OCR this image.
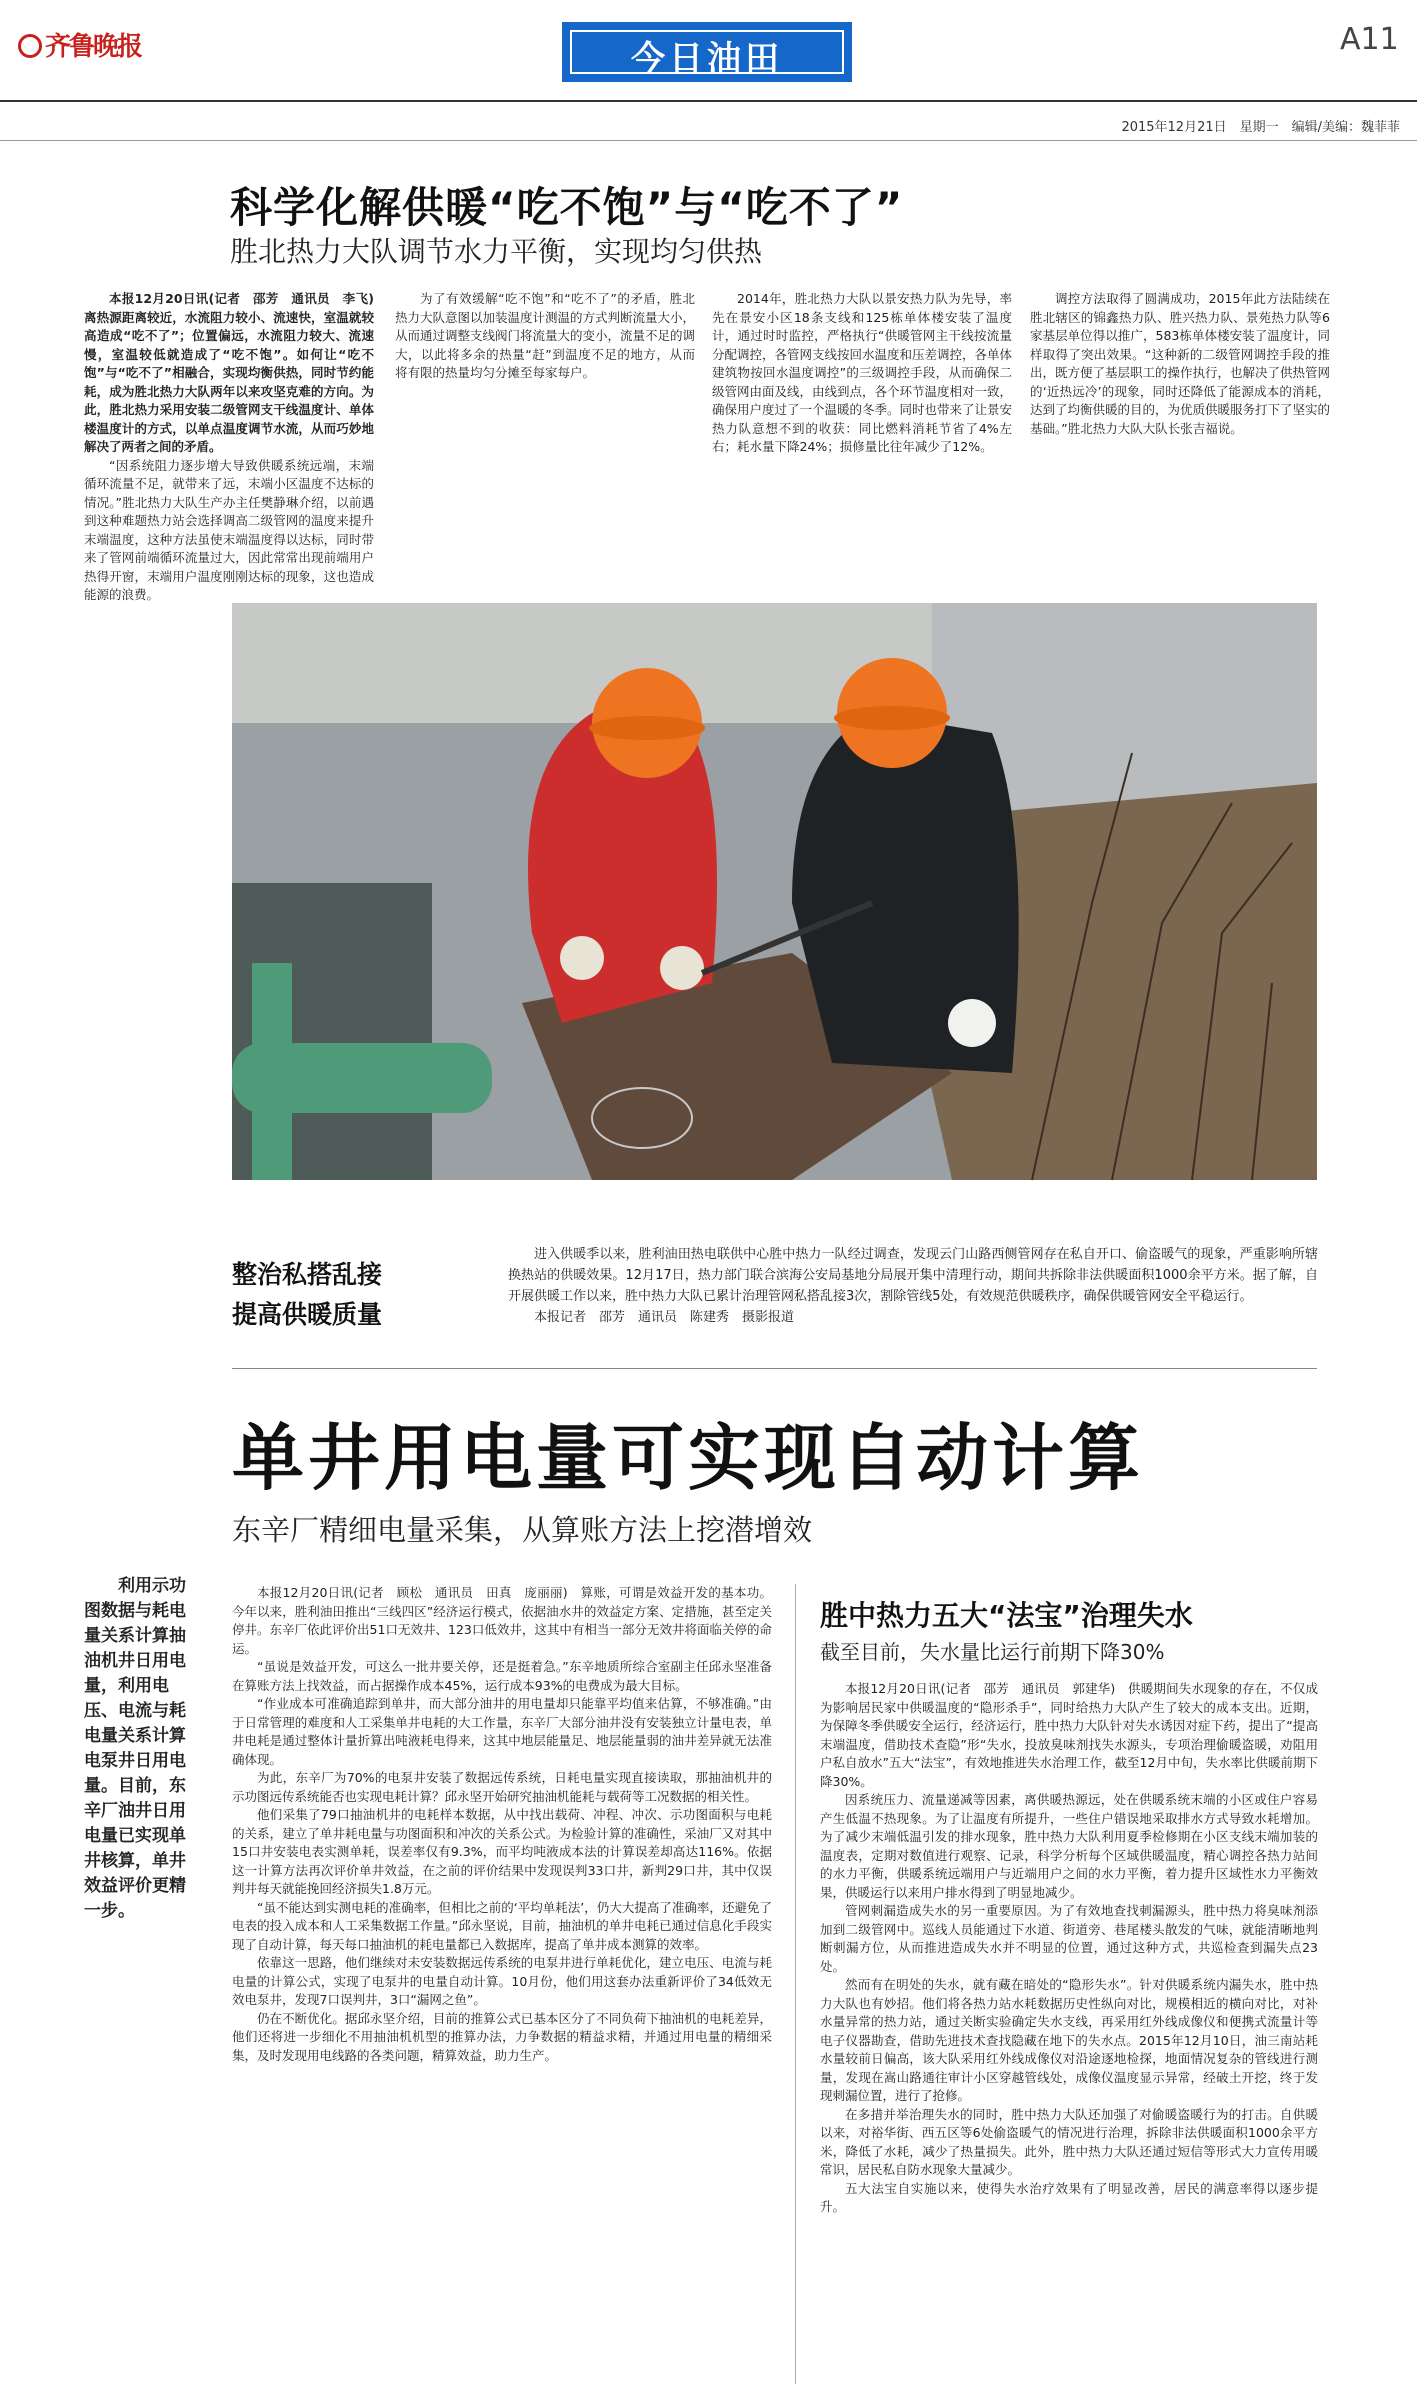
齐鲁晚报	今日油田	A11
2015年12月21日　星期一　编辑/美编：魏菲菲
科学化解供暖“吃不饱”与“吃不了”
胜北热力大队调节水力平衡，实现均匀供热

本报12月20日讯(记者　邵芳　通讯员　李飞)　离热源距离较近，水流阻力较小、流速快，室温就较高造成“吃不了”；位置偏远，水流阻力较大、流速慢，室温较低就造成了“吃不饱”。如何让“吃不饱”与“吃不了”相融合，实现均衡供热，同时节约能耗，成为胜北热力大队两年以来攻坚克难的方向。为此，胜北热力采用安装二级管网支干线温度计、单体楼温度计的方式，以单点温度调节水流，从而巧妙地解决了两者之间的矛盾。

“因系统阻力逐步增大导致供暖系统远端，末端循环流量不足，就带来了远，末端小区温度不达标的情况。”胜北热力大队生产办主任樊静琳介绍，以前遇到这种难题热力站会选择调高二级管网的温度来提升末端温度，这种方法虽使末端温度得以达标，同时带来了管网前端循环流量过大，因此常常出现前端用户热得开窗，末端用户温度刚刚达标的现象，这也造成能源的浪费。

为了有效缓解“吃不饱”和“吃不了”的矛盾，胜北热力大队意图以加装温度计测温的方式判断流量大小，从而通过调整支线阀门将流量大的变小，流量不足的调大，以此将多余的热量“赶”到温度不足的地方，从而将有限的热量均匀分摊至每家每户。

2014年，胜北热力大队以景安热力队为先导，率先在景安小区18条支线和125栋单体楼安装了温度计，通过时时监控，严格执行“供暖管网主干线按流量分配调控，各管网支线按回水温度和压差调控，各单体建筑物按回水温度调控”的三级调控手段，从而确保二级管网由面及线，由线到点，各个环节温度相对一致，确保用户度过了一个温暖的冬季。同时也带来了让景安热力队意想不到的收获：同比燃料消耗节省了4%左右；耗水量下降24%；损修量比往年减少了12%。

调控方法取得了圆满成功，2015年此方法陆续在胜北辖区的锦鑫热力队、胜兴热力队、景苑热力队等6家基层单位得以推广，583栋单体楼安装了温度计，同样取得了突出效果。“这种新的二级管网调控手段的推出，既方便了基层职工的操作执行，也解决了供热管网的‘近热远冷’的现象，同时还降低了能源成本的消耗，达到了均衡供暖的目的，为优质供暖服务打下了坚实的基础。”胜北热力大队大队长张吉福说。

整治私搭乱接
提高供暖质量

进入供暖季以来，胜利油田热电联供中心胜中热力一队经过调查，发现云门山路西侧管网存在私自开口、偷盗暖气的现象，严重影响所辖换热站的供暖效果。12月17日，热力部门联合滨海公安局基地分局展开集中清理行动，期间共拆除非法供暖面积1000余平方米。据了解，自开展供暖工作以来，胜中热力大队已累计治理管网私搭乱接3次，割除管线5处，有效规范供暖秩序，确保供暖管网安全平稳运行。

本报记者　邵芳　通讯员　陈建秀　摄影报道

单井用电量可实现自动计算
东辛厂精细电量采集，从算账方法上挖潜增效

利用示功图数据与耗电量关系计算抽油机井日用电量，利用电压、电流与耗电量关系计算电泵井日用电量。目前，东辛厂油井日用电量已实现单井核算，单井效益评价更精一步。

本报12月20日讯(记者　顾松　通讯员　田真　庞丽丽)　算账，可谓是效益开发的基本功。今年以来，胜利油田推出“三线四区”经济运行模式，依据油水井的效益定方案、定措施，甚至定关停井。东辛厂依此评价出51口无效井、123口低效井，这其中有相当一部分无效井将面临关停的命运。

“虽说是效益开发，可这么一批井要关停，还是挺着急。”东辛地质所综合室副主任邱永坚准备在算账方法上找效益，而占据操作成本45%，运行成本93%的电费成为最大目标。

“作业成本可准确追踪到单井，而大部分油井的用电量却只能靠平均值来估算，不够准确。”由于日常管理的难度和人工采集单井电耗的大工作量，东辛厂大部分油井没有安装独立计量电表，单井电耗是通过整体计量折算出吨液耗电得来，这其中地层能量足、地层能量弱的油井差异就无法准确体现。

为此，东辛厂为70%的电泵井安装了数据远传系统，日耗电量实现直接读取，那抽油机井的示功图远传系统能否也实现电耗计算？邱永坚开始研究抽油机能耗与载荷等工况数据的相关性。

他们采集了79口抽油机井的电耗样本数据，从中找出载荷、冲程、冲次、示功图面积与电耗的关系，建立了单井耗电量与功图面积和冲次的关系公式。为检验计算的准确性，采油厂又对其中15口井安装电表实测单耗，误差率仅有9.3%，而平均吨液成本法的计算误差却高达116%。依据这一计算方法再次评价单井效益，在之前的评价结果中发现误判33口井，新判29口井，其中仅误判井每天就能挽回经济损失1.8万元。

“虽不能达到实测电耗的准确率，但相比之前的‘平均单耗法’，仍大大提高了准确率，还避免了电表的投入成本和人工采集数据工作量。”邱永坚说，目前，抽油机的单井电耗已通过信息化手段实现了自动计算，每天每口抽油机的耗电量都已入数据库，提高了单井成本测算的效率。

依靠这一思路，他们继续对未安装数据远传系统的电泵井进行单耗优化，建立电压、电流与耗电量的计算公式，实现了电泵井的电量自动计算。10月份，他们用这套办法重新评价了34低效无效电泵井，发现7口误判井，3口“漏网之鱼”。

仍在不断优化。据邱永坚介绍，目前的推算公式已基本区分了不同负荷下抽油机的电耗差异，他们还将进一步细化不用抽油机机型的推算办法，力争数据的精益求精，并通过用电量的精细采集，及时发现用电线路的各类问题，精算效益，助力生产。

胜中热力五大“法宝”治理失水
截至目前，失水量比运行前期下降30%

本报12月20日讯(记者　邵芳　通讯员　郭建华)　供暖期间失水现象的存在，不仅成为影响居民家中供暖温度的“隐形杀手”，同时给热力大队产生了较大的成本支出。近期，为保障冬季供暖安全运行，经济运行，胜中热力大队针对失水诱因对症下药，提出了“提高末端温度，借助技术查隐”形“失水，投放臭味剂找失水源头，专项治理偷暖盗暖，劝阻用户私自放水”五大“法宝”，有效地推进失水治理工作，截至12月中旬，失水率比供暖前期下降30%。

因系统压力、流量递减等因素，离供暖热源远，处在供暖系统末端的小区或住户容易产生低温不热现象。为了让温度有所提升，一些住户错误地采取排水方式导致水耗增加。为了减少末端低温引发的排水现象，胜中热力大队利用夏季检修期在小区支线末端加装的温度表，定期对数值进行观察、记录，科学分析每个区域供暖温度，精心调控各热力站间的水力平衡，供暖系统远端用户与近端用户之间的水力平衡，着力提升区域性水力平衡效果，供暖运行以来用户排水得到了明显地减少。

管网刺漏造成失水的另一重要原因。为了有效地查找刺漏源头，胜中热力将臭味剂添加到二级管网中。巡线人员能通过下水道、街道旁、巷尾楼头散发的气味，就能清晰地判断刺漏方位，从而推进造成失水并不明显的位置，通过这种方式，共巡检查到漏失点23处。

然而有在明处的失水，就有藏在暗处的“隐形失水”。针对供暖系统内漏失水，胜中热力大队也有妙招。他们将各热力站水耗数据历史性纵向对比，规模相近的横向对比，对补水量异常的热力站，通过关断实验确定失水支线，再采用红外线成像仪和便携式流量计等电子仪器勘查，借助先进技术查找隐藏在地下的失水点。2015年12月10日，油三南站耗水量较前日偏高，该大队采用红外线成像仪对沿途逐地检探，地面情况复杂的管线进行测量，发现在嵩山路通往审计小区穿越管线处，成像仪温度显示异常，经破土开挖，终于发现刺漏位置，进行了抢修。

在多措并举治理失水的同时，胜中热力大队还加强了对偷暖盗暖行为的打击。自供暖以来，对裕华街、西五区等6处偷盗暖气的情况进行治理，拆除非法供暖面积1000余平方米，降低了水耗，减少了热量损失。此外，胜中热力大队还通过短信等形式大力宣传用暖常识，居民私自防水现象大量减少。

五大法宝自实施以来，使得失水治疗效果有了明显改善，居民的满意率得以逐步提升。
